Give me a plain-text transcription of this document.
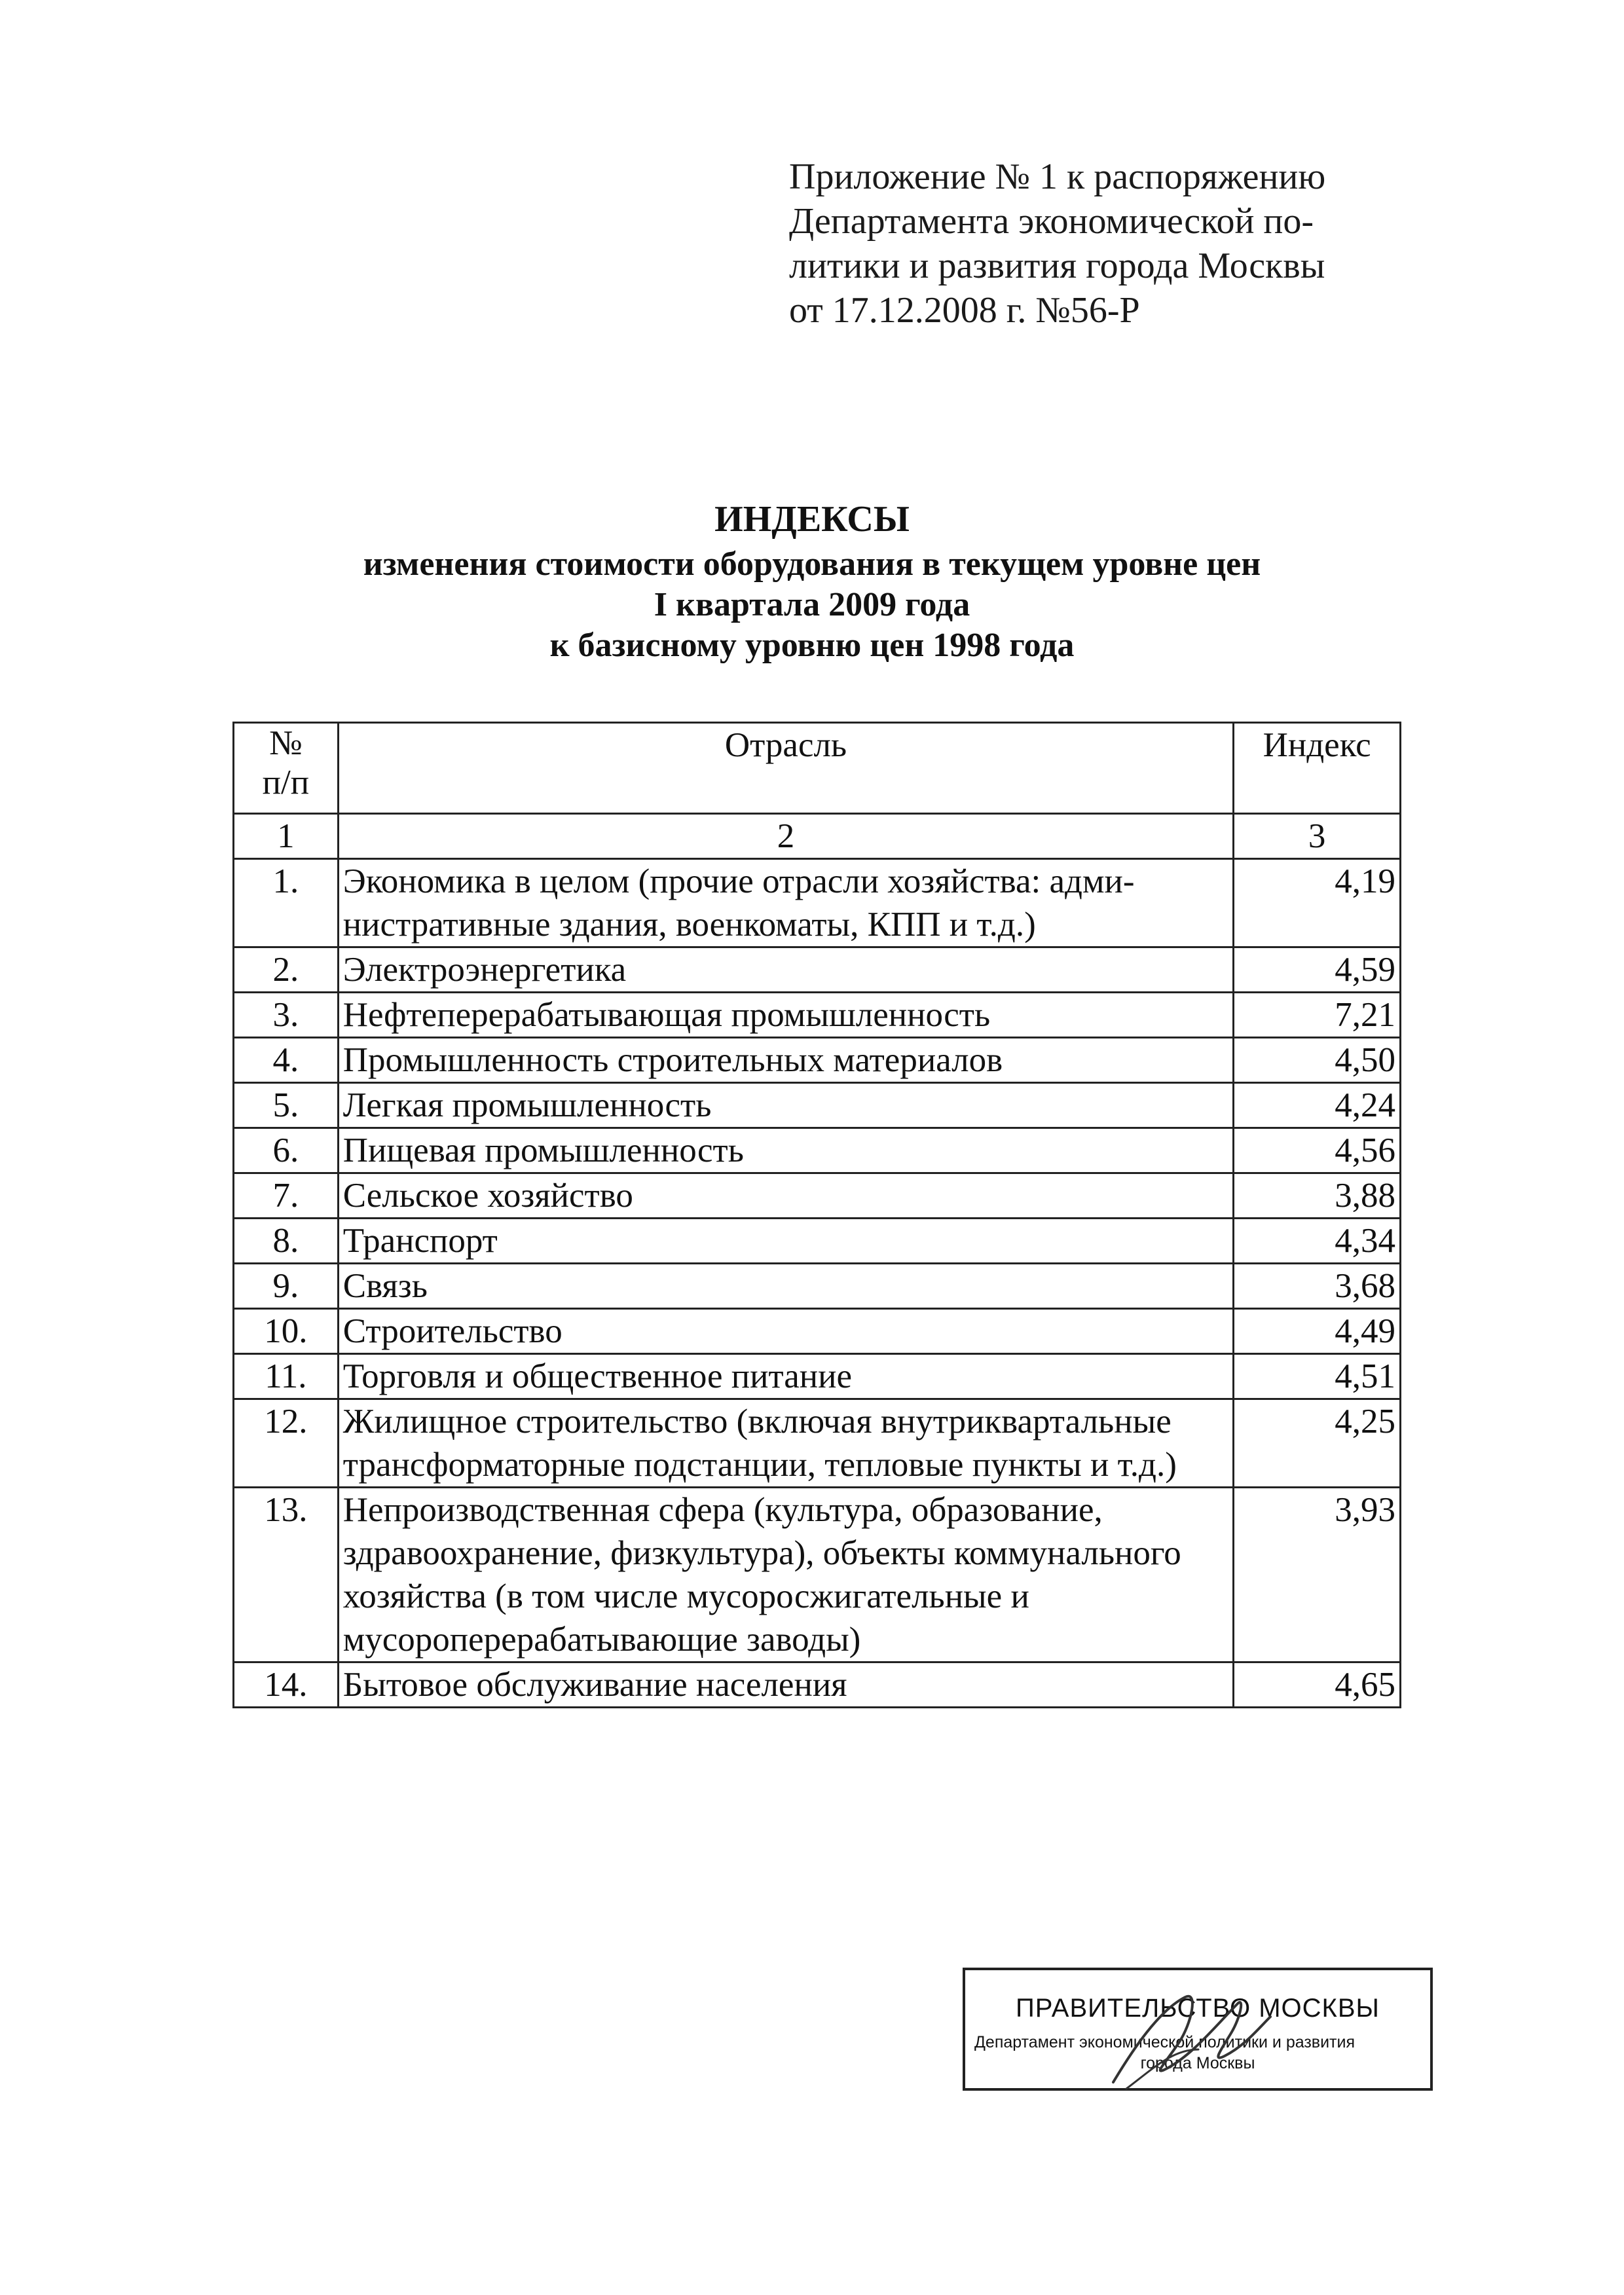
Приложение № 1 к распоряжению
Департамента экономической по-
литики и развития города Москвы
от 17.12.2008 г. №56-Р
ИНДЕКСЫ
изменения стоимости оборудования в текущем уровне цен
I квартала 2009 года
к базисному уровню цен 1998 года
№
п/п	Отрасль	Индекс
1	2	3
1.	Экономика в целом (прочие отрасли хозяйства: адми-нистративные здания, военкоматы, КПП и т.д.)	4,19
2.	Электроэнергетика	4,59
3.	Нефтеперерабатывающая промышленность	7,21
4.	Промышленность строительных материалов	4,50
5.	Легкая промышленность	4,24
6.	Пищевая промышленность	4,56
7.	Сельское хозяйство	3,88
8.	Транспорт	4,34
9.	Связь	3,68
10.	Строительство	4,49
11.	Торговля и общественное питание	4,51
12.	Жилищное строительство (включая внутриквартальные трансформаторные подстанции, тепловые пункты и т.д.)	4,25
13.	Непроизводственная сфера (культура, образование, здравоохранение, физкультура), объекты коммунального хозяйства (в том числе мусоросжигательные и мусороперерабатывающие заводы)	3,93
14.	Бытовое обслуживание населения	4,65
ПРАВИТЕЛЬСТВО МОСКВЫ
Департамент экономической политики и развития
города Москвы
